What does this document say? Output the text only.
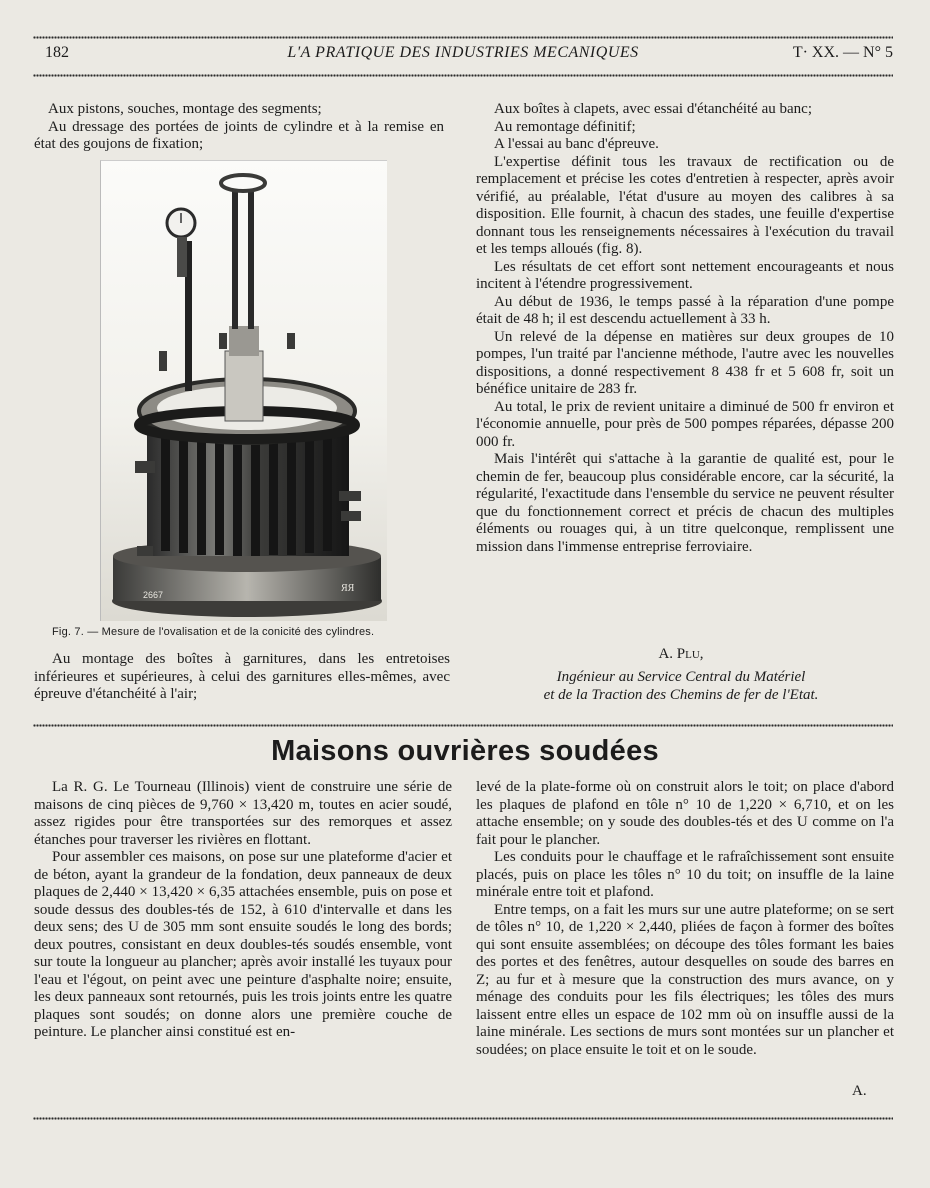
182	L'A PRATIQUE DES INDUSTRIES MECANIQUES	T· XX. — N° 5

Aux pistons, souches, montage des segments;

Au dressage des portées de joints de cylindre et à la remise en état des goujons de fixation;

2667
ЯЯ
Fig. 7. — Mesure de l'ovalisation et de la conicité des cylindres.

Au montage des boîtes à garnitures, dans les entretoises inférieures et supérieures, à celui des garnitures elles-mêmes, avec épreuve d'étanchéité à l'air;

Aux boîtes à clapets, avec essai d'étanchéité au banc;

Au remontage définitif;

A l'essai au banc d'épreuve.

L'expertise définit tous les travaux de rectification ou de remplacement et précise les cotes d'entretien à respecter, après avoir vérifié, au préalable, l'état d'usure au moyen des calibres à sa disposition. Elle fournit, à chacun des stades, une feuille d'expertise donnant tous les renseignements nécessaires à l'exécution du travail et les temps alloués (fig. 8).

Les résultats de cet effort sont nettement encourageants et nous incitent à l'étendre progressivement.

Au début de 1936, le temps passé à la réparation d'une pompe était de 48 h; il est descendu actuellement à 33 h.

Un relevé de la dépense en matières sur deux groupes de 10 pompes, l'un traité par l'ancienne méthode, l'autre avec les nouvelles dispositions, a donné respectivement 8 438 fr et 5 608 fr, soit un bénéfice unitaire de 283 fr.

Au total, le prix de revient unitaire a diminué de 500 fr environ et l'économie annuelle, pour près de 500 pompes réparées, dépasse 200 000 fr.

Mais l'intérêt qui s'attache à la garantie de qualité est, pour le chemin de fer, beaucoup plus considérable encore, car la sécurité, la régularité, l'exactitude dans l'ensemble du service ne peuvent résulter que du fonctionnement correct et précis de chacun des multiples éléments ou rouages qui, à un titre quelconque, remplissent une mission dans l'immense entreprise ferroviaire.

A. Plu,
Ingénieur au Service Central du Matériel
et de la Traction des Chemins de fer de l'Etat.
Maisons ouvrières soudées

La R. G. Le Tourneau (Illinois) vient de construire une série de maisons de cinq pièces de 9,760 × 13,420 m, toutes en acier soudé, assez rigides pour être transportées sur des remorques et assez étanches pour traverser les rivières en flottant.

Pour assembler ces maisons, on pose sur une plateforme d'acier et de béton, ayant la grandeur de la fondation, deux panneaux de deux plaques de 2,440 × 13,420 × 6,35 attachées ensemble, puis on pose et soude dessus des doubles-tés de 152, à 610 d'intervalle et dans les deux sens; des U de 305 mm sont ensuite soudés le long des bords; deux poutres, consistant en deux doubles-tés soudés ensemble, vont sur toute la longueur au plancher; après avoir installé les tuyaux pour l'eau et l'égout, on peint avec une peinture d'asphalte noire; ensuite, les deux panneaux sont retournés, puis les trois joints entre les quatre plaques sont soudés; on donne alors une première couche de peinture. Le plancher ainsi constitué est en-

levé de la plate-forme où on construit alors le toit; on place d'abord les plaques de plafond en tôle n° 10 de 1,220 × 6,710, et on les attache ensemble; on y soude des doubles-tés et des U comme on l'a fait pour le plancher.

Les conduits pour le chauffage et le rafraîchissement sont ensuite placés, puis on place les tôles n° 10 du toit; on insuffle de la laine minérale entre toit et plafond.

Entre temps, on a fait les murs sur une autre plateforme; on se sert de tôles n° 10, de 1,220 × 2,440, pliées de façon à former des boîtes qui sont ensuite assemblées; on découpe des tôles formant les baies des portes et des fenêtres, autour desquelles on soude des barres en Z; au fur et à mesure que la construction des murs avance, on y ménage des conduits pour les fils électriques; les tôles des murs laissent entre elles un espace de 102 mm où on insuffle aussi de la laine minérale. Les sections de murs sont montées sur un plancher et soudées; on place ensuite le toit et on le soude.

A.
